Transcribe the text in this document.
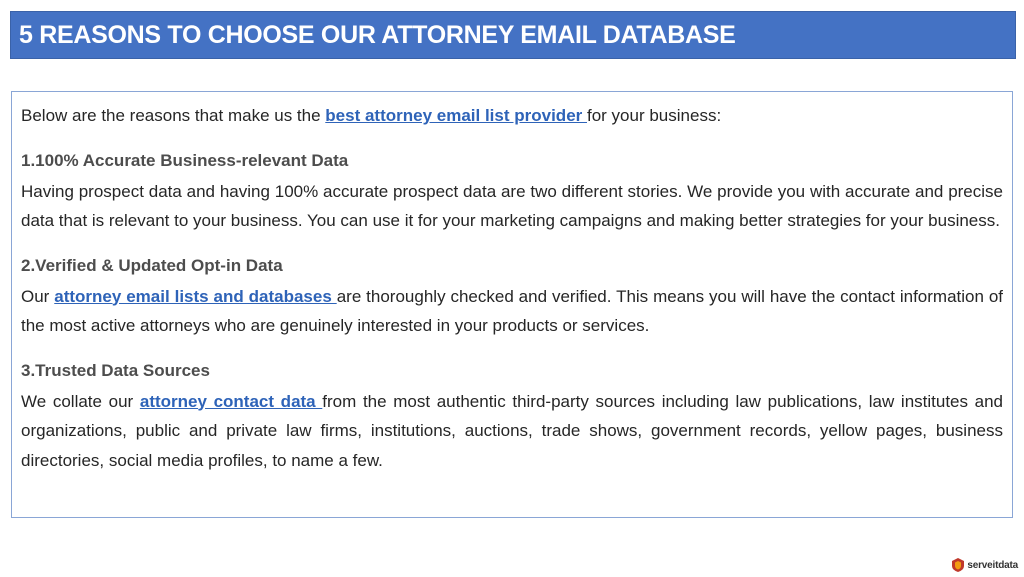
5 REASONS TO CHOOSE OUR ATTORNEY EMAIL DATABASE

Below are the reasons that make us the best attorney email list provider for your business:

1.100% Accurate Business-relevant Data

Having prospect data and having 100% accurate prospect data are two different stories. We provide you with accurate and precise data that is relevant to your business. You can use it for your marketing campaigns and making better strategies for your business.

2.Verified & Updated Opt-in Data

Our attorney email lists and databases are thoroughly checked and verified. This means you will have the contact information of the most active attorneys who are genuinely interested in your products or services.

3.Trusted Data Sources

We collate our attorney contact data from the most authentic third-party sources including law publications, law institutes and organizations, public and private law firms, institutions, auctions, trade shows, government records, yellow pages, business directories, social media profiles, to name a few.

serveitdata
